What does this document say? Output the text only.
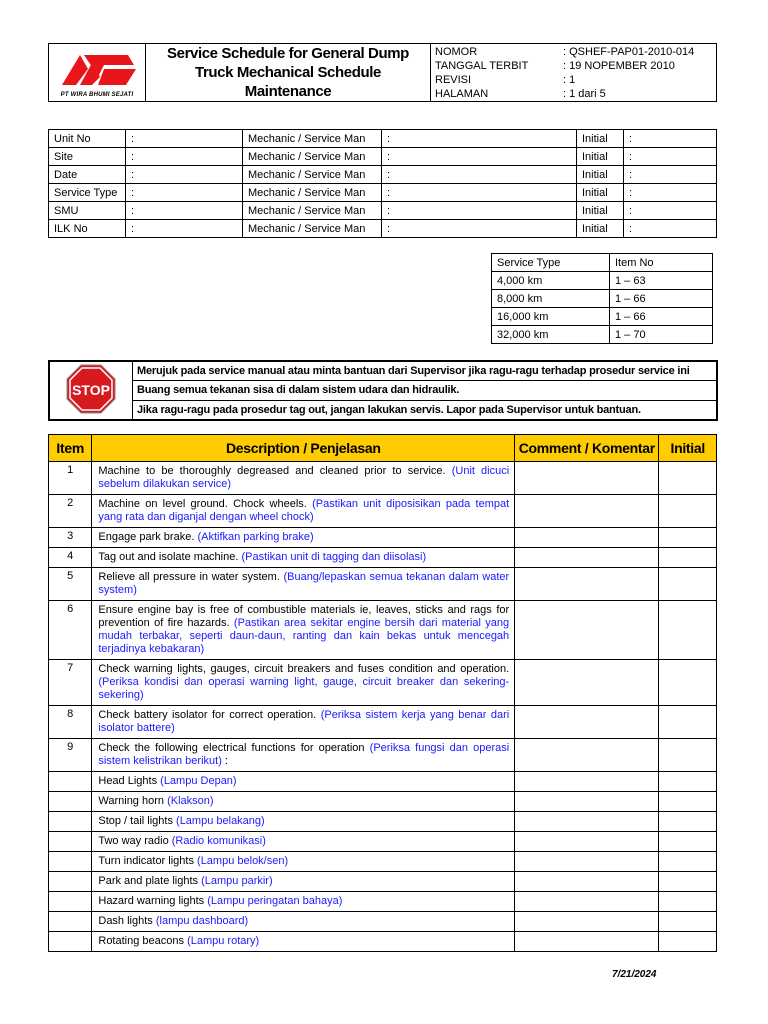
PT WIRA BHUMI SEJATI

Service Schedule for General Dump
Truck Mechanical Schedule
Maintenance

NOMOR	: QSHEF-PAP01-2010-014
TANGGAL TERBIT	: 19 NOPEMBER 2010
REVISI	: 1
HALAMAN	: 1 dari 5
Unit No	:	Mechanic / Service Man	:	Initial	:
Site	:	Mechanic / Service Man	:	Initial	:
Date	:	Mechanic / Service Man	:	Initial	:
Service Type	:	Mechanic / Service Man	:	Initial	:
SMU	:	Mechanic / Service Man	:	Initial	:
ILK No	:	Mechanic / Service Man	:	Initial	:
Service Type	Item No
4,000 km	1 – 63
8,000 km	1 – 66
16,000 km	1 – 66
32,000 km	1 – 70
STOP
	Merujuk pada service manual atau minta bantuan dari Supervisor jika ragu-ragu terhadap prosedur service ini
Buang semua tekanan sisa di dalam sistem udara dan hidraulik.
Jika ragu-ragu pada prosedur tag out, jangan lakukan servis. Lapor pada Supervisor untuk bantuan.
Item	Description / Penjelasan	Comment / Komentar	Initial
1	Machine to be thoroughly degreased and cleaned prior to service. (Unit dicuci sebelum dilakukan service)		
2	Machine on level ground. Chock wheels. (Pastikan unit diposisikan pada tempat yang rata dan diganjal dengan wheel chock)		
3	Engage park brake. (Aktifkan parking brake)		
4	Tag out and isolate machine. (Pastikan unit di tagging dan diisolasi)		
5	Relieve all pressure in water system. (Buang/lepaskan semua tekanan dalam water system)		
6	Ensure engine bay is free of combustible materials ie, leaves, sticks and rags for prevention of fire hazards. (Pastikan area sekitar engine bersih dari material yang mudah terbakar, seperti daun-daun, ranting dan kain bekas untuk mencegah terjadinya kebakaran)		
7	Check warning lights, gauges, circuit breakers and fuses condition and operation. (Periksa kondisi dan operasi warning light, gauge, circuit breaker dan sekering-sekering)		
8	Check battery isolator for correct operation. (Periksa sistem kerja yang benar dari isolator battere)		
9	Check the following electrical functions for operation (Periksa fungsi dan operasi sistem kelistrikan berikut) :		
	Head Lights (Lampu Depan)		
	Warning horn (Klakson)		
	Stop / tail lights (Lampu belakang)		
	Two way radio (Radio komunikasi)		
	Turn indicator lights (Lampu belok/sen)		
	Park and plate lights (Lampu parkir)		
	Hazard warning lights (Lampu peringatan bahaya)		
	Dash lights (lampu dashboard)		
	Rotating beacons (Lampu rotary)		
7/21/2024
